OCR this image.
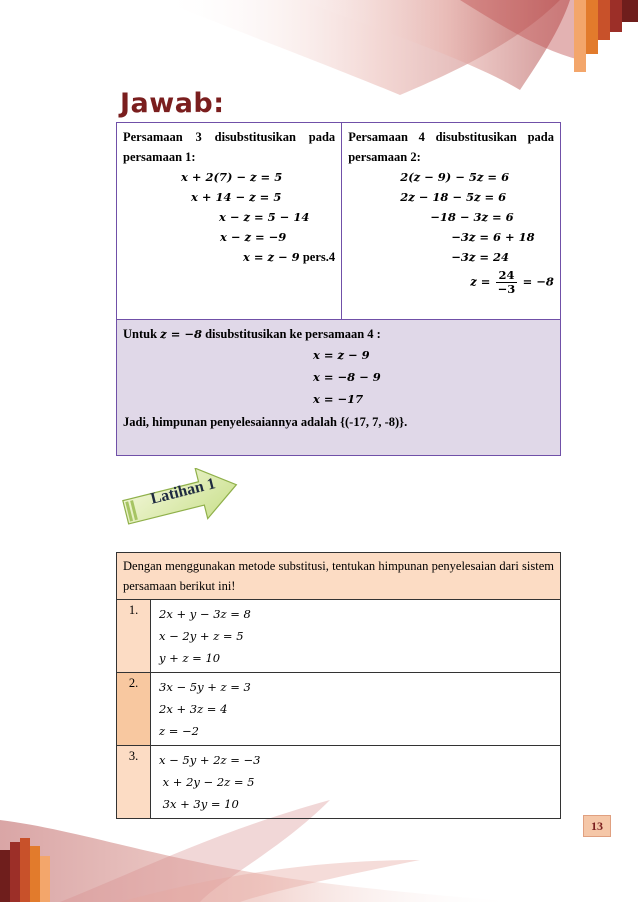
Jawab:
Persamaan 3 disubstitusikan pada
persamaan 1:
x + 2(7) − z = 5
x + 14 − z = 5
x − z = 5 − 14
x − z = −9
x = z − 9 pers.4

Persamaan 4 disubstitusikan pada
persamaan 2:
2(z − 9) − 5z = 6
2z − 18 − 5z = 6
−18 − 3z = 6
−3z = 6 + 18
−3z = 24
$z = \frac{24}{-3} = -8$

Untuk z = −8 disubstitusikan ke persamaan 4 :
x = z − 9
x = −8 − 9
x = −17
Jadi, himpunan penyelesaiannya adalah {(-17, 7, -8)}.
Latihan 1
Dengan menggunakan metode substitusi, tentukan himpunan penyelesaian dari sistem persamaan berikut ini!	
1.	2x + y − 3z = 8
x − 2y + z = 5
y + z = 10

2.	3x − 5y + z = 3
2x + 3z = 4
z = −2

3.	x − 5y + 2z = −3
x + 2y − 2z = 5
3x + 3y = 10
13
